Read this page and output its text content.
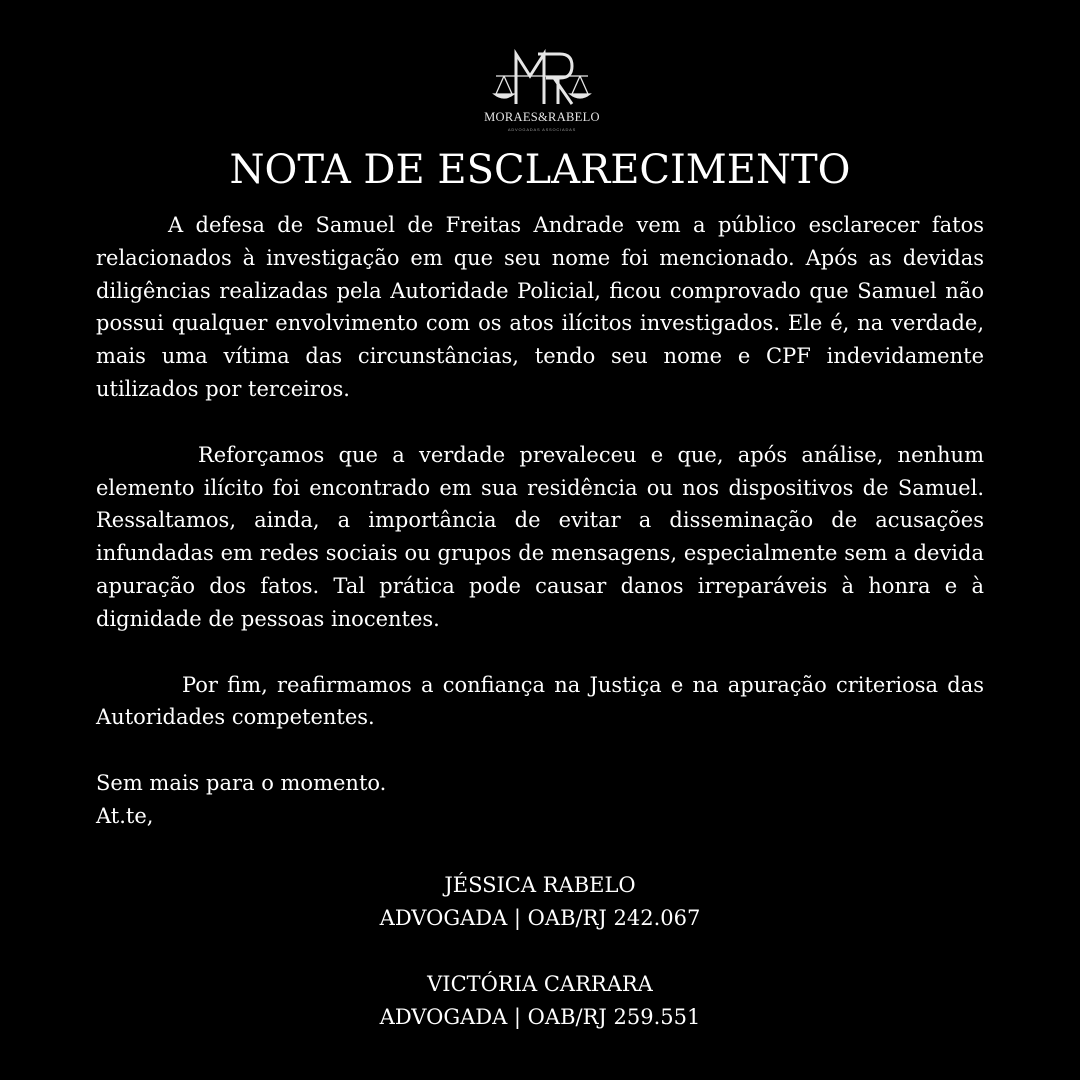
MORAES&RABELO
ADVOGADAS ASSOCIADAS
NOTA DE ESCLARECIMENTO

A defesa de Samuel de Freitas Andrade vem a público esclarecer fatos relacionados à investigação em que seu nome foi mencionado. Após as devidas diligências realizadas pela Autoridade Policial, ficou comprovado que Samuel não possui qualquer envolvimento com os atos ilícitos investigados. Ele é, na verdade, mais uma vítima das circunstâncias, tendo seu nome e CPF indevidamente utilizados por terceiros.

Reforçamos que a verdade prevaleceu e que, após análise, nenhum elemento ilícito foi encontrado em sua residência ou nos dispositivos de Samuel. Ressaltamos, ainda, a importância de evitar a disseminação de acusações infundadas em redes sociais ou grupos de mensagens, especialmente sem a devida apuração dos fatos. Tal prática pode causar danos irreparáveis à honra e à dignidade de pessoas inocentes.

Por fim, reafirmamos a confiança na Justiça e na apuração criteriosa das Autoridades competentes.

Sem mais para o momento.

At.te,

JÉSSICA RABELO
ADVOGADA | OAB/RJ 242.067
VICTÓRIA CARRARA
ADVOGADA | OAB/RJ 259.551
